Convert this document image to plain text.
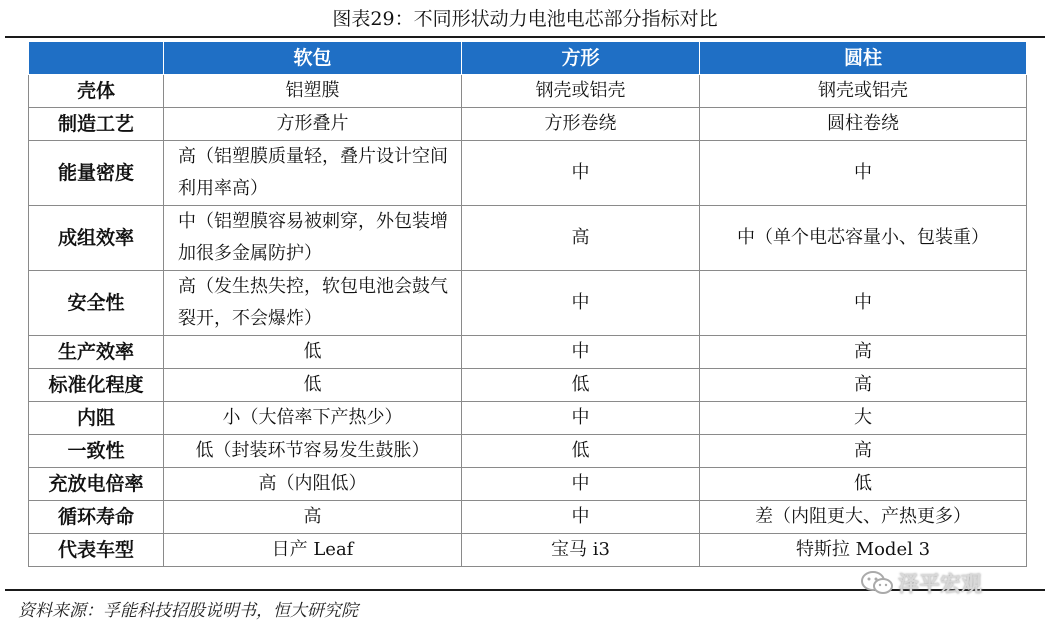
图表29：不同形状动力电池电芯部分指标对比
	软包	方形	圆柱
壳体	铝塑膜	钢壳或铝壳	钢壳或铝壳
制造工艺	方形叠片	方形卷绕	圆柱卷绕
能量密度	高（铝塑膜质量轻，叠片设计空间利用率高）	中	中
成组效率	中（铝塑膜容易被刺穿，外包装增加很多金属防护）	高	中（单个电芯容量小、包装重）
安全性	高（发生热失控，软包电池会鼓气裂开，不会爆炸）	中	中
生产效率	低	中	高
标准化程度	低	低	高
内阻	小（大倍率下产热少）	中	大
一致性	低（封装环节容易发生鼓胀）	低	高
充放电倍率	高（内阻低）	中	低
循环寿命	高	中	差（内阻更大、产热更多）
代表车型	日产 Leaf	宝马 i3	特斯拉 Model 3
资料来源：孚能科技招股说明书，恒大研究院
泽平宏观
